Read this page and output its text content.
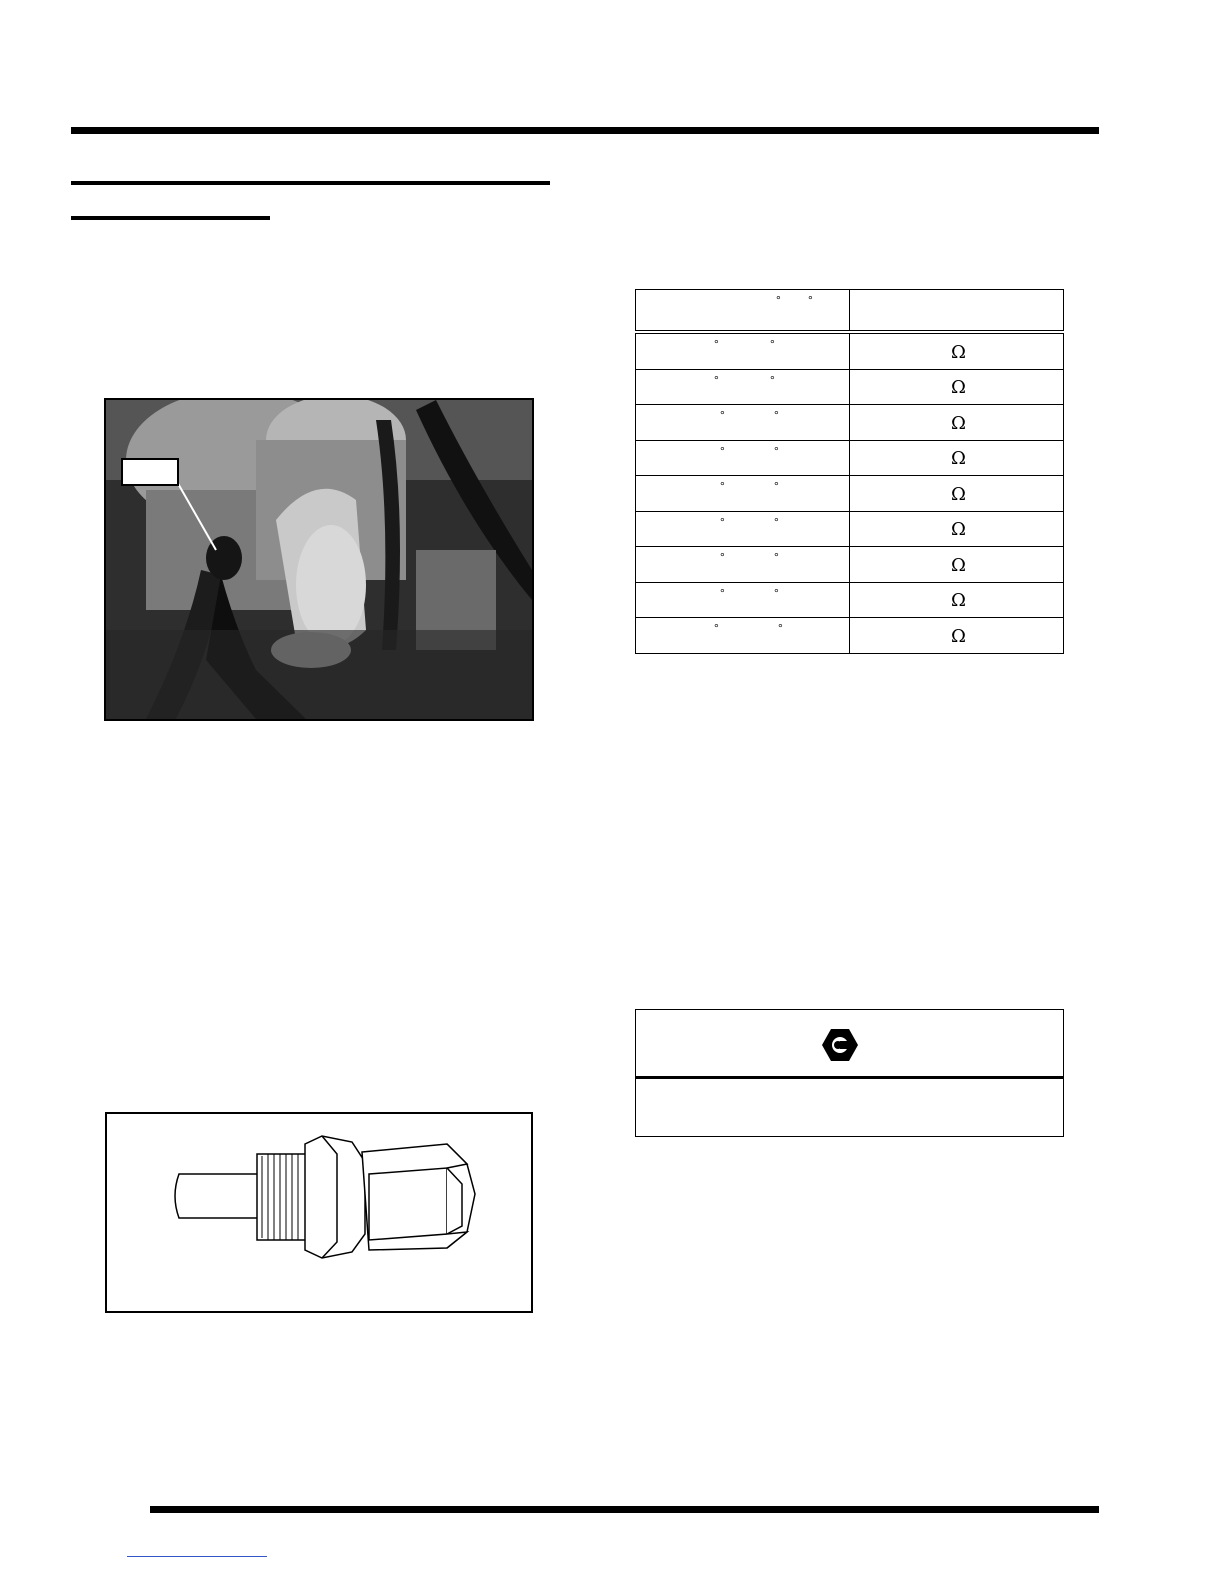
° °	

° °	Ω

° °	Ω

° °	Ω

° °	Ω

° °	Ω

° °	Ω

° °	Ω

° °	Ω

° °	Ω
